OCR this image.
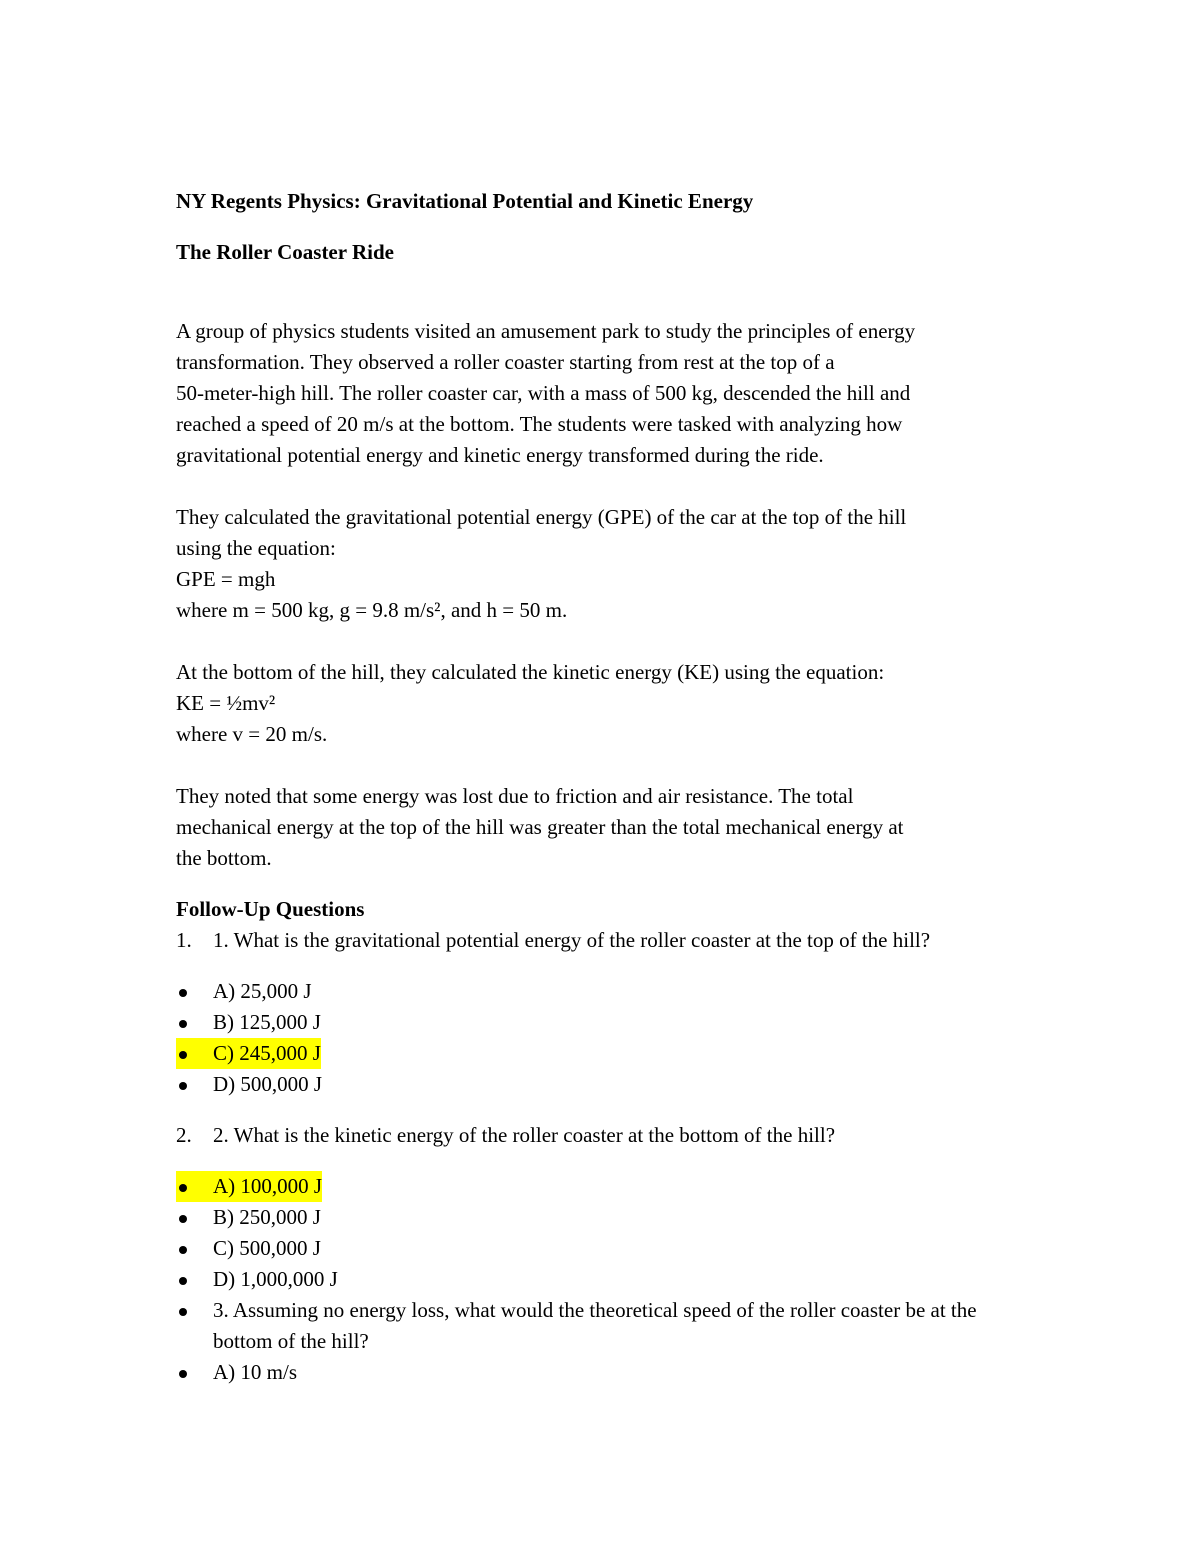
NY Regents Physics: Gravitational Potential and Kinetic Energy
The Roller Coaster Ride
A group of physics students visited an amusement park to study the principles of energy
transformation. They observed a roller coaster starting from rest at the top of a
50-meter-high hill. The roller coaster car, with a mass of 500 kg, descended the hill and
reached a speed of 20 m/s at the bottom. The students were tasked with analyzing how
gravitational potential energy and kinetic energy transformed during the ride.
They calculated the gravitational potential energy (GPE) of the car at the top of the hill
using the equation:
GPE = mgh
where m = 500 kg, g = 9.8 m/s², and h = 50 m.
At the bottom of the hill, they calculated the kinetic energy (KE) using the equation:
KE = ½mv²
where v = 20 m/s.
They noted that some energy was lost due to friction and air resistance. The total
mechanical energy at the top of the hill was greater than the total mechanical energy at
the bottom.
Follow-Up Questions
1.	1. What is the gravitational potential energy of the roller coaster at the top of the hill?
A) 25,000 J
B) 125,000 J
C) 245,000 J
D) 500,000 J
2.	2. What is the kinetic energy of the roller coaster at the bottom of the hill?
A) 100,000 J
B) 250,000 J
C) 500,000 J
D) 1,000,000 J
3. Assuming no energy loss, what would the theoretical speed of the roller coaster be at the bottom of the hill?
A) 10 m/s
